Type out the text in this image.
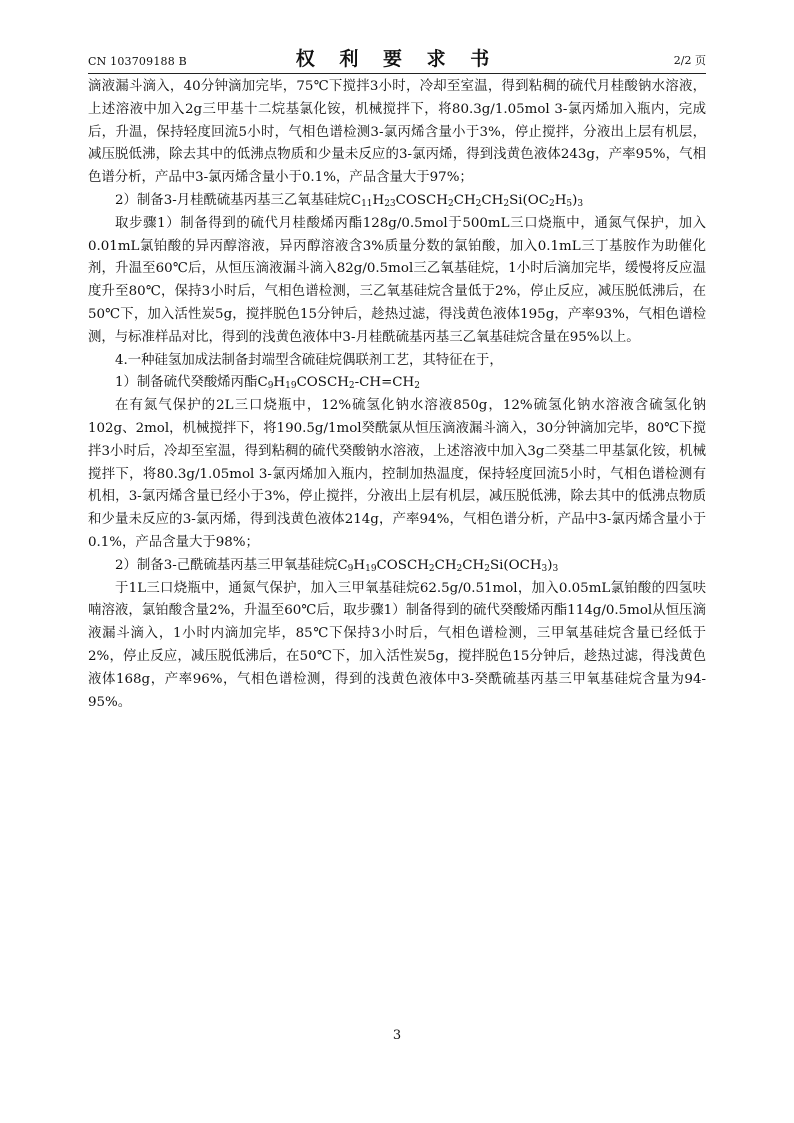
CN 103709188 B	权 利 要 求 书	2/2 页

滴液漏斗滴入，40分钟滴加完毕，75℃下搅拌3小时，冷却至室温，得到粘稠的硫代月桂酸钠水溶液，上述溶液中加入2g三甲基十二烷基氯化铵，机械搅拌下，将80.3g/1.05mol 3-氯丙烯加入瓶内，完成后，升温，保持轻度回流5小时，气相色谱检测3-氯丙烯含量小于3%，停止搅拌，分液出上层有机层，减压脱低沸，除去其中的低沸点物质和少量未反应的3-氯丙烯，得到浅黄色液体243g，产率95%，气相色谱分析，产品中3-氯丙烯含量小于0.1%，产品含量大于97%；

2）制备3-月桂酰硫基丙基三乙氧基硅烷$C_{11}H_{23}COSCH_2CH_2CH_2Si(OC_2H_5)_3$

取步骤1）制备得到的硫代月桂酸烯丙酯128g/0.5mol于500mL三口烧瓶中，通氮气保护，加入0.01mL氯铂酸的异丙醇溶液，异丙醇溶液含3%质量分数的氯铂酸，加入0.1mL三丁基胺作为助催化剂，升温至60℃后，从恒压滴液漏斗滴入82g/0.5mol三乙氧基硅烷，1小时后滴加完毕，缓慢将反应温度升至80℃，保持3小时后，气相色谱检测，三乙氧基硅烷含量低于2%，停止反应，减压脱低沸后，在50℃下，加入活性炭5g，搅拌脱色15分钟后，趁热过滤，得浅黄色液体195g，产率93%，气相色谱检测，与标准样品对比，得到的浅黄色液体中3-月桂酰硫基丙基三乙氧基硅烷含量在95%以上。

4.一种硅氢加成法制备封端型含硫硅烷偶联剂工艺，其特征在于，

1）制备硫代癸酸烯丙酯$C_9H_{19}COSCH_2-CH=CH_2$

在有氮气保护的2L三口烧瓶中，12%硫氢化钠水溶液850g，12%硫氢化钠水溶液含硫氢化钠102g、2mol，机械搅拌下，将190.5g/1mol癸酰氯从恒压滴液漏斗滴入，30分钟滴加完毕，80℃下搅拌3小时后，冷却至室温，得到粘稠的硫代癸酸钠水溶液，上述溶液中加入3g二癸基二甲基氯化铵，机械搅拌下，将80.3g/1.05mol 3-氯丙烯加入瓶内，控制加热温度，保持轻度回流5小时，气相色谱检测有机相，3-氯丙烯含量已经小于3%，停止搅拌，分液出上层有机层，减压脱低沸，除去其中的低沸点物质和少量未反应的3-氯丙烯，得到浅黄色液体214g，产率94%，气相色谱分析，产品中3-氯丙烯含量小于0.1%，产品含量大于98%；

2）制备3-己酰硫基丙基三甲氧基硅烷$C_9H_{19}COSCH_2CH_2CH_2Si(OCH_3)_3$

于1L三口烧瓶中，通氮气保护，加入三甲氧基硅烷62.5g/0.51mol，加入0.05mL氯铂酸的四氢呋喃溶液，氯铂酸含量2%，升温至60℃后，取步骤1）制备得到的硫代癸酸烯丙酯114g/0.5mol从恒压滴液漏斗滴入，1小时内滴加完毕，85℃下保持3小时后，气相色谱检测，三甲氧基硅烷含量已经低于2%，停止反应，减压脱低沸后，在50℃下，加入活性炭5g，搅拌脱色15分钟后，趁热过滤，得浅黄色液体168g，产率96%，气相色谱检测，得到的浅黄色液体中3-癸酰硫基丙基三甲氧基硅烷含量为94-95%。

3
